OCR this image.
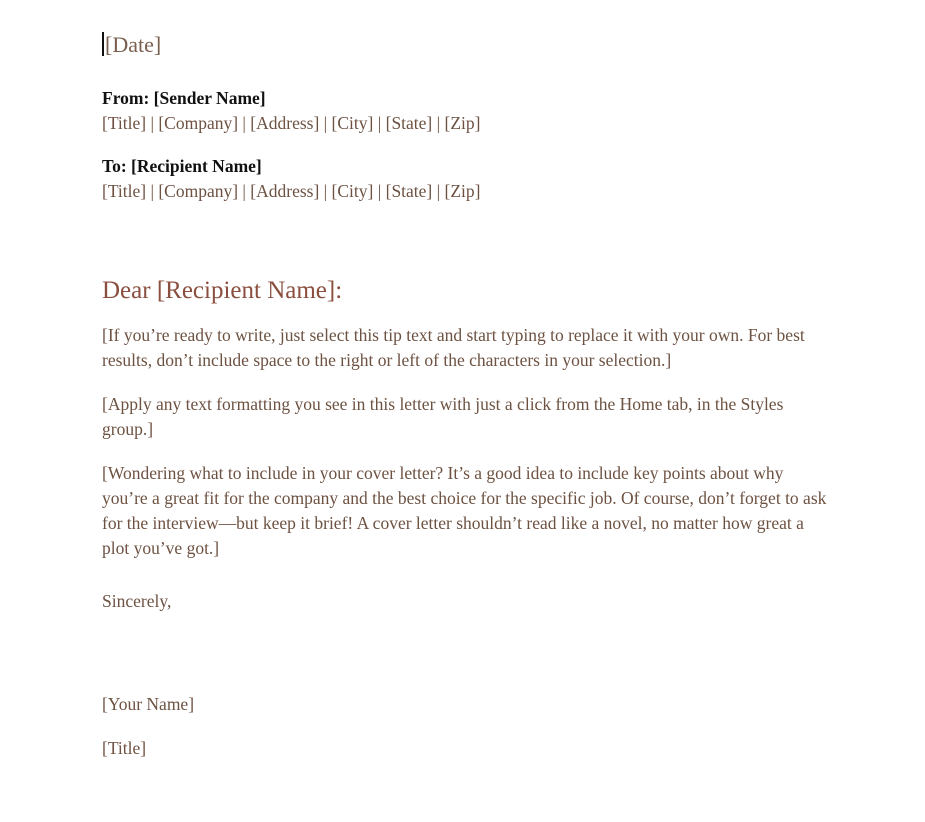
[Date]
From: [Sender Name]
[Title] | [Company] | [Address] | [City] | [State] | [Zip]
To: [Recipient Name]
[Title] | [Company] | [Address] | [City] | [State] | [Zip]
Dear [Recipient Name]:

[If you’re ready to write, just select this tip text and start typing to replace it with your own. For best results, don’t include space to the right or left of the characters in your selection.]

[Apply any text formatting you see in this letter with just a click from the Home tab, in the Styles group.]

[Wondering what to include in your cover letter? It’s a good idea to include key points about why you’re a great fit for the company and the best choice for the specific job. Of course, don’t forget to ask for the interview—but keep it brief! A cover letter shouldn’t read like a novel, no matter how great a plot you’ve got.]

Sincerely,
[Your Name]
[Title]
